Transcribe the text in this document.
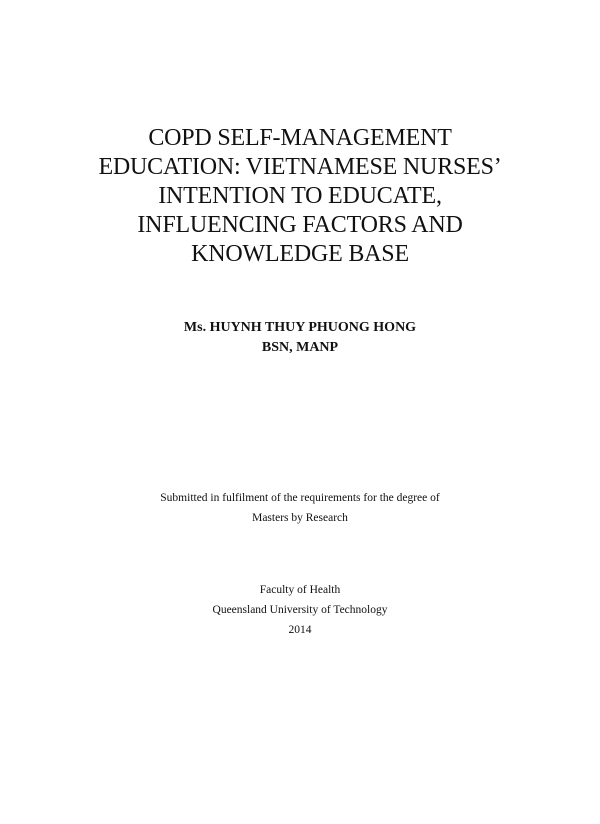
COPD SELF-MANAGEMENT
EDUCATION: VIETNAMESE NURSES’
INTENTION TO EDUCATE,
INFLUENCING FACTORS AND
KNOWLEDGE BASE
Ms. HUYNH THUY PHUONG HONG
BSN, MANP
Submitted in fulfilment of the requirements for the degree of
Masters by Research
Faculty of Health
Queensland University of Technology
2014
